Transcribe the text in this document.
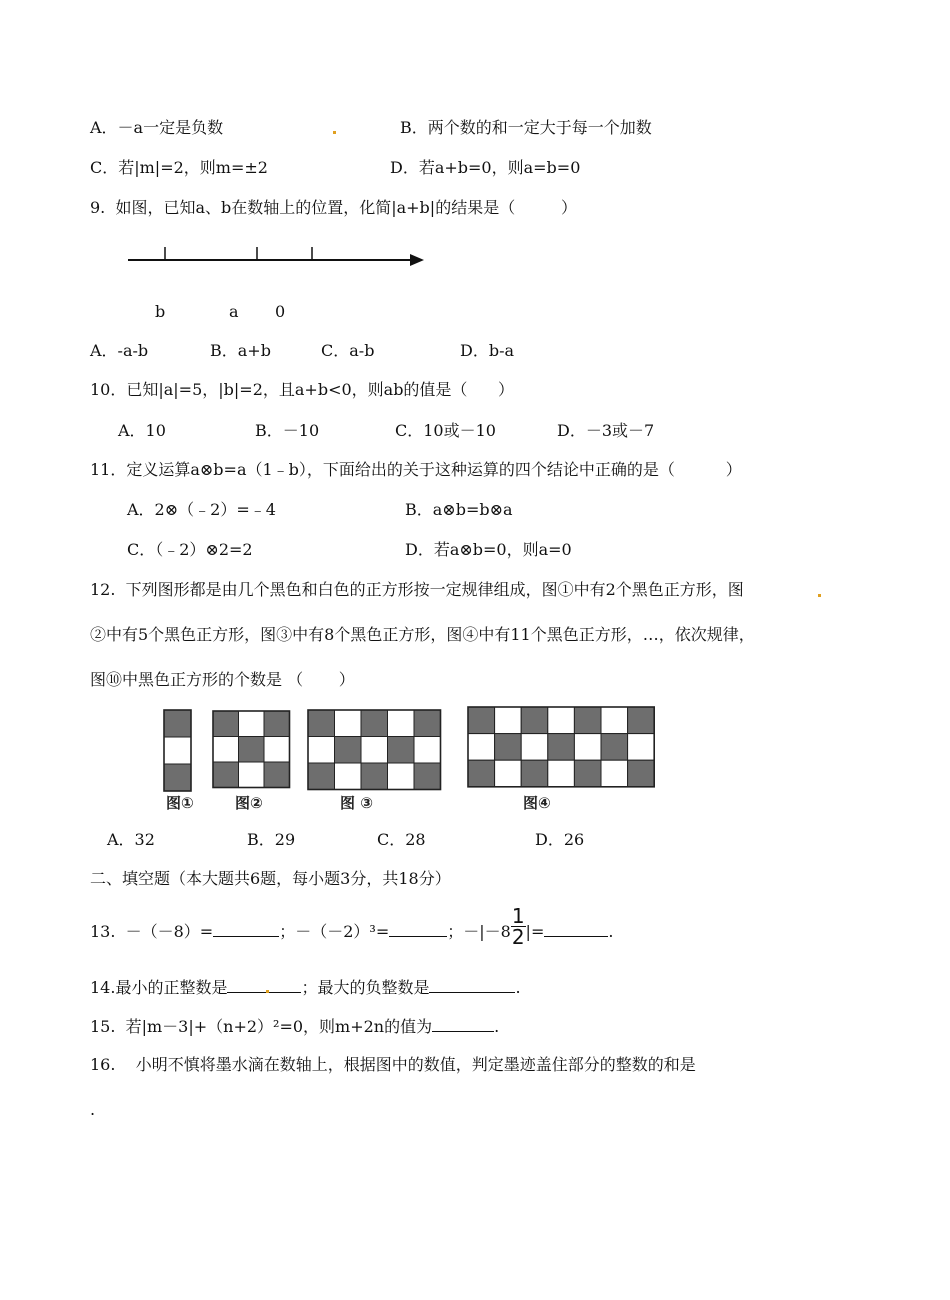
A．－a一定是负数	B．两个数的和一定大于每一个加数
C．若|m|=2，则m=±2	D．若a+b=0，则a=b=0
9.  如图，已知a、b在数轴上的位置，化简|a+b|的结果是（         ）
b	a 0
A．-a-b	B．a+b	C．a-b	D．b-a
10．已知|a|=5，|b|=2，且a+b<0，则ab的值是（      ）
A．10	B．－10	C．10或－10	D．－3或－7
11．定义运算a⊗b=a（1﹣b），下面给出的关于这种运算的四个结论中正确的是（          ）
A．2⊗（﹣2）=﹣4	B．a⊗b=b⊗a
C．（﹣2）⊗2=2	D．若a⊗b=0，则a=0
12.  下列图形都是由几个黑色和白色的正方形按一定规律组成，图①中有2个黑色正方形，图
②中有5个黑色正方形，图③中有8个黑色正方形，图④中有11个黑色正方形，…，依次规律，
图⑩中黑色正方形的个数是 （       ）
图①	图②	图 ③	图④
A．32	B．29	C．28	D．26
二、填空题（本大题共6题，每小题3分，共18分）
13.  －（－8）=	；－（－2）³=	；$-|-8 \frac{1}{2}$ |=	.
14.最小的正整数是	；最大的负整数是	.
15.  若|m－3|+（n+2）²=0，则m+2n的值为	.
16.    小明不慎将墨水滴在数轴上，根据图中的数值，判定墨迹盖住部分的整数的和是
.
